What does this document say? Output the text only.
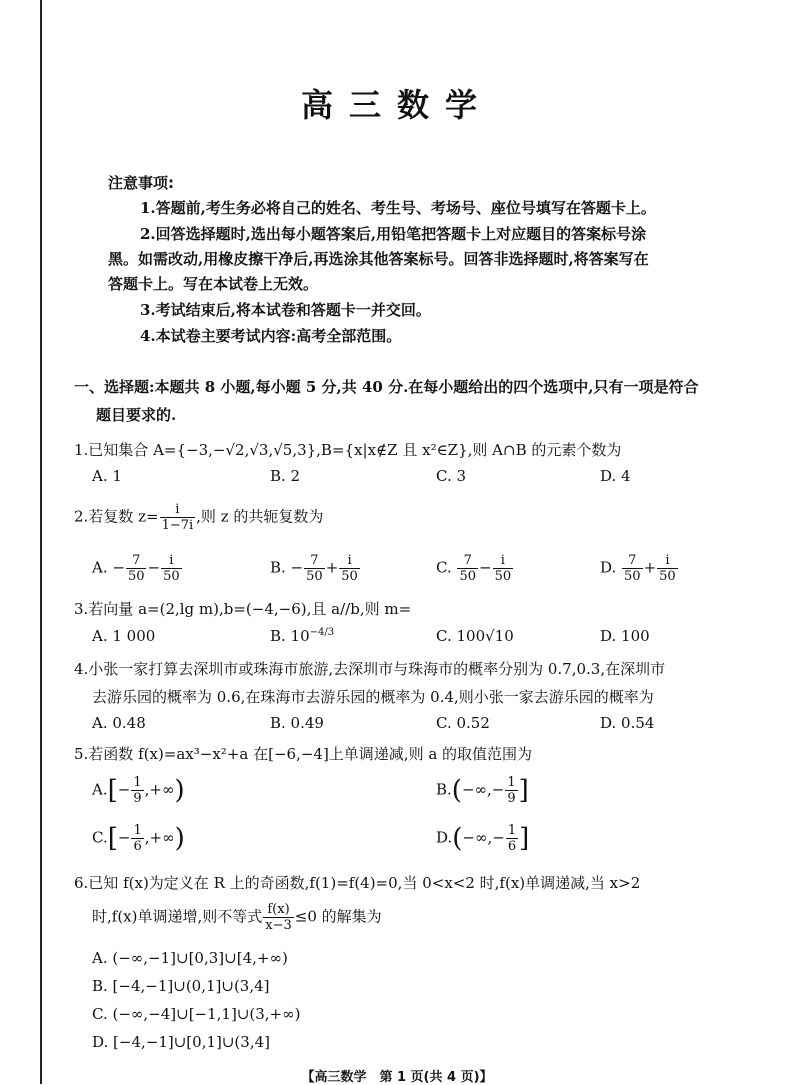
高三数学
注意事项:
1.答题前,考生务必将自己的姓名、考生号、考场号、座位号填写在答题卡上。
2.回答选择题时,选出每小题答案后,用铅笔把答题卡上对应题目的答案标号涂
黑。如需改动,用橡皮擦干净后,再选涂其他答案标号。回答非选择题时,将答案写在
答题卡上。写在本试卷上无效。
3.考试结束后,将本试卷和答题卡一并交回。
4.本试卷主要考试内容:高考全部范围。
一、选择题:本题共 8 小题,每小题 5 分,共 40 分.在每小题给出的四个选项中,只有一项是符合
题目要求的.
1.已知集合 A={−3,−√2,√3,√5,3},B={x|x∉Z 且 x²∈Z},则 A∩B 的元素个数为
A. 1	B. 2	C. 3	D. 4
2.若复数 $z= \frac{i}{1-7i}$ ,则 z 的共轭复数为
A. − $\frac{7}{50} - \frac{i}{50}$	B. − $\frac{7}{50} + \frac{i}{50}$	C. $\frac{7}{50} - \frac{i}{50}$	D. $\frac{7}{50} + \frac{i}{50}$
3.若向量 a=(2,lg m),b=(−4,−6),且 a//b,则 m=
A. 1 000	B. $10^{-4/3}$	C. 100√10	D. 100
4.小张一家打算去深圳市或珠海市旅游,去深圳市与珠海市的概率分别为 0.7,0.3,在深圳市
去游乐园的概率为 0.6,在珠海市去游乐园的概率为 0.4,则小张一家去游乐园的概率为
A. 0.48	B. 0.49	C. 0.52	D. 0.54
5.若函数 f(x)=ax³−x²+a 在[−6,−4]上单调递减,则 a 的取值范围为
$A.[- \frac{1}{9}$ ,+∞)	$B.(-\infty,- \frac{1}{9}$ ]
$C.[- \frac{1}{6}$ ,+∞)	$D.(-\infty,- \frac{1}{6}$ ]
6.已知 f(x)为定义在 R 上的奇函数,f(1)=f(4)=0,当 0<x<2 时,f(x)单调递减,当 x>2
时,f(x)单调递增,则不等式 $\frac{f(x)}{x-3} \le 0$ 的解集为
A. (−∞,−1]∪[0,3]∪[4,+∞)
B. [−4,−1]∪(0,1]∪(3,4]
C. (−∞,−4]∪[−1,1]∪(3,+∞)
D. [−4,−1]∪[0,1]∪(3,4]
【高三数学　第 1 页(共 4 页)】
